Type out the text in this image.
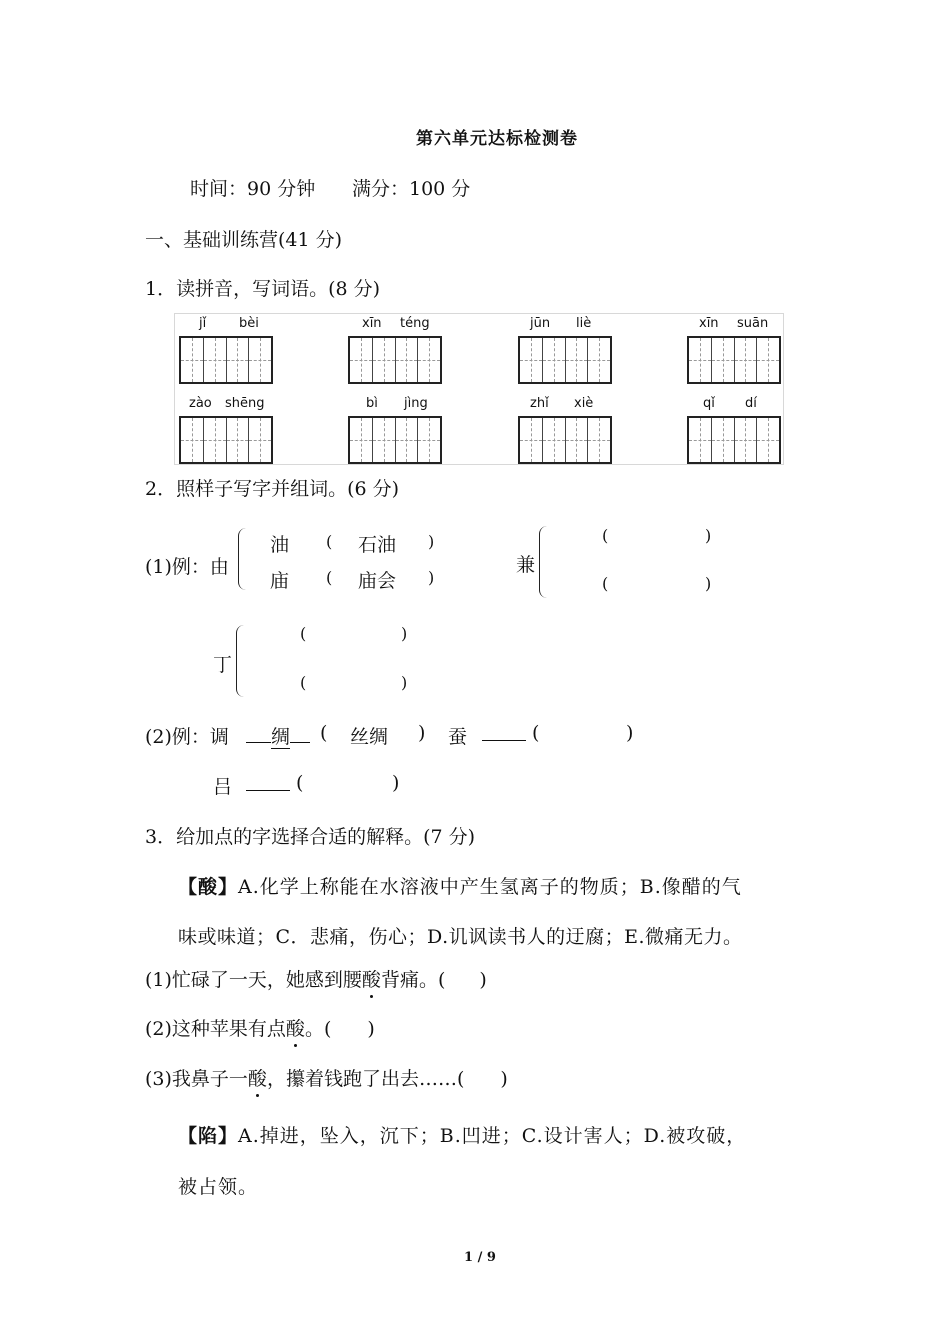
第六单元达标检测卷
时间：90 分钟 满分：100 分
一、基础训练营(41 分)
1．读拼音，写词语。(8 分)
jǐ	bèi	xīn téng	jūn liè	xīn suān
zào shēng	bì jìng	zhǐ xiè	qǐ dí
2．照样子写字并组词。(6 分)
(1)例：由
油 ( 石油 )
庙 ( 庙会 )
兼
(	)
(	)
丁
(	)
(	)
(2)例：调	绸	( 丝绸 ) 蚕	(	)
吕	(	)
3．给加点的字选择合适的解释。(7 分)
【酸】A.化学上称能在水溶液中产生氢离子的物质；B.像醋的气
味或味道；C．悲痛，伤心；D.讥讽读书人的迂腐；E.微痛无力。
(1)忙碌了一天，她感到腰酸背痛。( )
(2)这种苹果有点酸。( )
(3)我鼻子一酸，攥着钱跑了出去……( )
【陷】A.掉进，坠入，沉下；B.凹进；C.设计害人；D.被攻破，
被占领。
1 / 9
